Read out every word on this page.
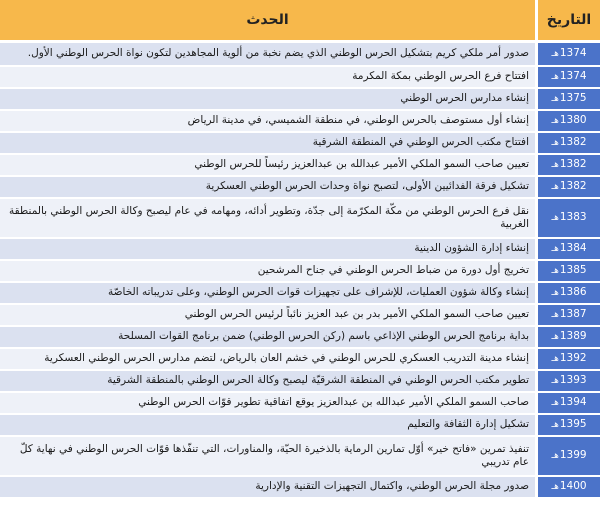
التاريخ	الحدث
1374هـ	صدور أمر ملكي كريم بتشكيل الحرس الوطني الذي يضم نخبة من ألوية المجاهدين لتكون نواة الحرس الوطني الأول.
1374هـ	افتتاح فرع الحرس الوطني بمكة المكرمة
1375هـ	إنشاء مدارس الحرس الوطني
1380هـ	إنشاء أول مستوصف بالحرس الوطني، في منطقة الشميسي، في مدينة الرياض
1382هـ	افتتاح مكتب الحرس الوطني في المنطقة الشرقية
1382هـ	تعيين صاحب السمو الملكي الأمير عبدالله بن عبدالعزيز رئيساً للحرس الوطني
1382هـ	تشكيل فرقة الفدائيين الأولى، لتصبح نواة وحدات الحرس الوطني العسكرية
1383هـ	نقل فرع الحرس الوطني من مكّة المكرّمة إلى جدّة، وتطوير أدائه، ومهامه في عام ليصبح وكالة الحرس الوطني بالمنطقة الغربية
1384هـ	إنشاء إدارة الشؤون الدينية
1385هـ	تخريج أول دورة من ضباط الحرس الوطني في جناح المرشحين
1386هـ	إنشاء وكالة شؤون العمليات، للإشراف على تجهيزات قوات الحرس الوطني، وعلى تدريباته الخاصّة
1387هـ	تعيين صاحب السمو الملكي الأمير بدر بن عبد العزيز نائباً لرئيس الحرس الوطني
1389هـ	بداية برنامج الحرس الوطني الإذاعي باسم (ركن الحرس الوطني) ضمن برنامج القوات المسلحة
1392هـ	إنشاء مدينة التدريب العسكري للحرس الوطني في خشم العان بالرياض، لتضم مدارس الحرس الوطني العسكرية
1393هـ	تطوير مكتب الحرس الوطني في المنطقة الشرقيّة ليصبح وكالة الحرس الوطني بالمنطقة الشرقية
1394هـ	صاحب السمو الملكي الأمير عبدالله بن عبدالعزيز يوقع اتفاقية تطوير قوّات الحرس الوطني
1395هـ	تشكيل إدارة الثقافة والتعليم
1399هـ	تنفيذ تمرين «فاتح خير» أوّل تمارين الرماية بالذخيرة الحيّة، والمناورات، التي تنفّذها قوّات الحرس الوطني في نهاية كلّ عام تدريبي
1400هـ	صدور مجلة الحرس الوطني، واكتمال التجهيزات التقنية والإدارية
